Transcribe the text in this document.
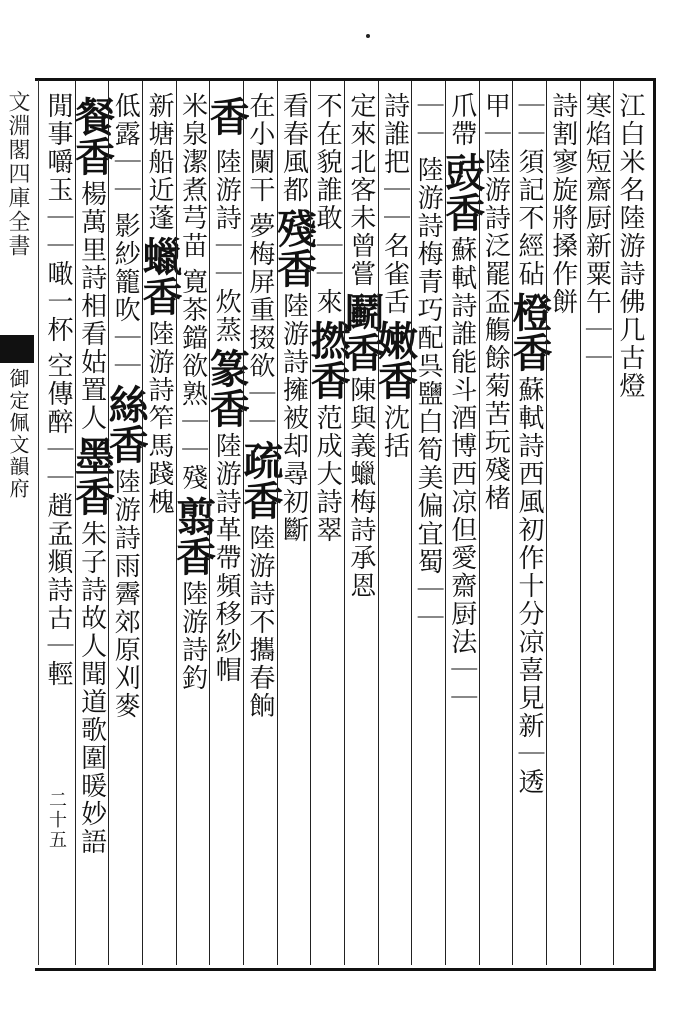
文淵閣四庫全書
御定佩文韻府
二十五
江白米名陸游詩佛几古燈
寒焰短齋厨新粟午｜｜
詩割寥旋將搡作餅
｜｜須記不經砧
橙香
蘇軾詩西風初作十分凉喜見新｜透
甲｜陸游詩泛罷盃觴餘菊苦玩殘楮
爪帶
豉香
蘇軾詩誰能斗酒博西凉但愛齋厨法｜｜
｜｜
陸游詩梅青巧配呉鹽白筍美偏宜蜀｜｜
詩誰把｜｜名雀舌
嫩香
沈括
定來北客未曾嘗
鬬香
陳與義蠟梅詩承恩
不在貌誰敢｜｜來
撚香
范成大詩翠
看春風都
殘香
陸游詩擁被却尋初斷
在小闌干
夢梅屏重掇欲｜｜
疏香
陸游詩不攜春餉
香
陸游詩｜｜炊蒸
篆香
陸游詩革帶頻移紗帽
米泉潔煮芎苗
寛茶鐺欲熟｜｜殘
翦香
陸游詩釣
新塘船近蓬
蠟香
陸游詩笮馬踐槐
低露｜｜
影紗籠吹｜｜
絲香
陸游詩雨霽郊原刈麥
餐香
楊萬里詩相看姑置人
墨香
朱子詩故人聞道歌圍暖妙語
閒事嚼玉｜｜噉一杯
空傳醉｜｜趙孟頫詩古｜輕
